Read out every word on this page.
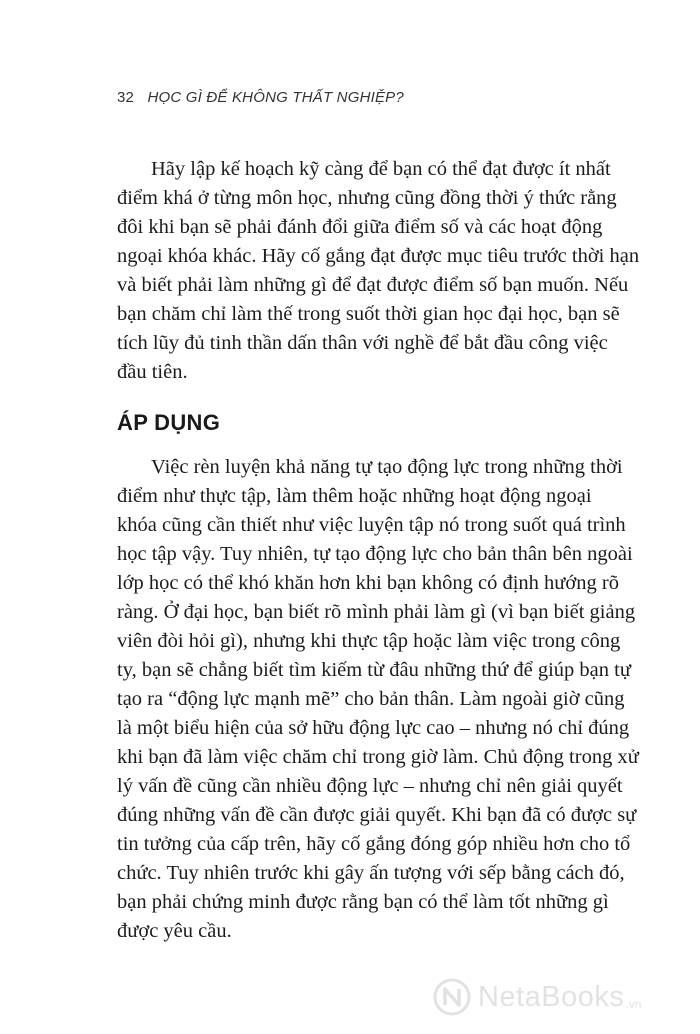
32 HỌC GÌ ĐỂ KHÔNG THẤT NGHIỆP?
Hãy lập kế hoạch kỹ càng để bạn có thể đạt được ít nhất
điểm khá ở từng môn học, nhưng cũng đồng thời ý thức rằng
đôi khi bạn sẽ phải đánh đổi giữa điểm số và các hoạt động
ngoại khóa khác. Hãy cố gắng đạt được mục tiêu trước thời hạn
và biết phải làm những gì để đạt được điểm số bạn muốn. Nếu
bạn chăm chỉ làm thế trong suốt thời gian học đại học, bạn sẽ
tích lũy đủ tinh thần dấn thân với nghề để bắt đầu công việc
đầu tiên.
ÁP DỤNG
Việc rèn luyện khả năng tự tạo động lực trong những thời
điểm như thực tập, làm thêm hoặc những hoạt động ngoại
khóa cũng cần thiết như việc luyện tập nó trong suốt quá trình
học tập vậy. Tuy nhiên, tự tạo động lực cho bản thân bên ngoài
lớp học có thể khó khăn hơn khi bạn không có định hướng rõ
ràng. Ở đại học, bạn biết rõ mình phải làm gì (vì bạn biết giảng
viên đòi hỏi gì), nhưng khi thực tập hoặc làm việc trong công
ty, bạn sẽ chẳng biết tìm kiếm từ đâu những thứ để giúp bạn tự
tạo ra “động lực mạnh mẽ” cho bản thân. Làm ngoài giờ cũng
là một biểu hiện của sở hữu động lực cao – nhưng nó chỉ đúng
khi bạn đã làm việc chăm chỉ trong giờ làm. Chủ động trong xử
lý vấn đề cũng cần nhiều động lực – nhưng chỉ nên giải quyết
đúng những vấn đề cần được giải quyết. Khi bạn đã có được sự
tin tưởng của cấp trên, hãy cố gắng đóng góp nhiều hơn cho tổ
chức. Tuy nhiên trước khi gây ấn tượng với sếp bằng cách đó,
bạn phải chứng minh được rằng bạn có thể làm tốt những gì
được yêu cầu.
NetaBooks .vn
